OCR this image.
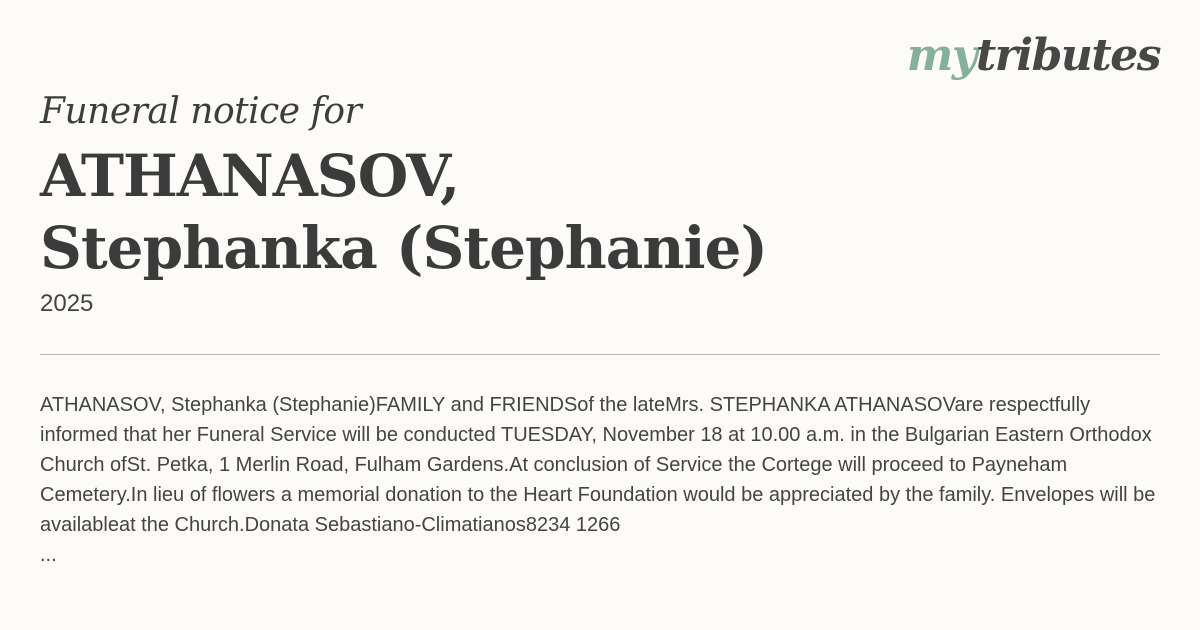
mytributes
Funeral notice for
ATHANASOV,
Stephanka (Stephanie)
2025

ATHANASOV, Stephanka (Stephanie)FAMILY and FRIENDSof the lateMrs. STEPHANKA ATHANASOVare respectfully informed that her Funeral Service will be conducted TUESDAY, November 18 at 10.00 a.m. in the Bulgarian Eastern Orthodox Church ofSt. Petka, 1 Merlin Road, Fulham Gardens.At conclusion of Service the Cortege will proceed to Payneham Cemetery.In lieu of flowers a memorial donation to the Heart Foundation would be appreciated by the family. Envelopes will be availableat the Church.Donata Sebastiano-Climatianos8234 1266

...
